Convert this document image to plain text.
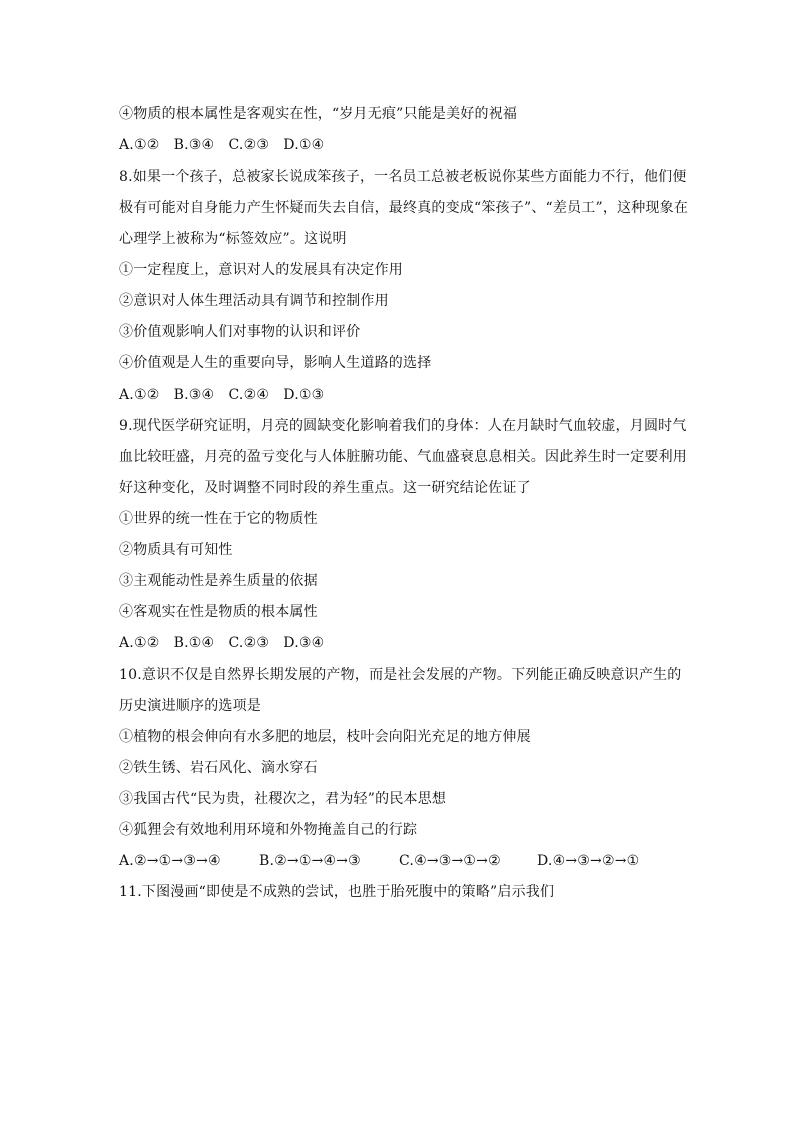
④物质的根本属性是客观实在性，“岁月无痕”只能是美好的祝福
A.①②　B.③④　C.②③　D.①④
8.如果一个孩子，总被家长说成笨孩子，一名员工总被老板说你某些方面能力不行，他们便
极有可能对自身能力产生怀疑而失去自信，最终真的变成“笨孩子”、“差员工”，这种现象在
心理学上被称为“标签效应”。这说明
①一定程度上，意识对人的发展具有决定作用
②意识对人体生理活动具有调节和控制作用
③价值观影响人们对事物的认识和评价
④价值观是人生的重要向导，影响人生道路的选择
A.①②　B.③④　C.②④　D.①③
9.现代医学研究证明，月亮的圆缺变化影响着我们的身体：人在月缺时气血较虚，月圆时气
血比较旺盛，月亮的盈亏变化与人体脏腑功能、气血盛衰息息相关。因此养生时一定要利用
好这种变化，及时调整不同时段的养生重点。这一研究结论佐证了
①世界的统一性在于它的物质性
②物质具有可知性
③主观能动性是养生质量的依据
④客观实在性是物质的根本属性
A.①②　B.①④　C.②③　D.③④
10.意识不仅是自然界长期发展的产物，而是社会发展的产物。下列能正确反映意识产生的
历史演进顺序的选项是
①植物的根会伸向有水多肥的地层，枝叶会向阳光充足的地方伸展
②铁生锈、岩石风化、滴水穿石
③我国古代“民为贵，社稷次之，君为轻”的民本思想
④狐狸会有效地利用环境和外物掩盖自己的行踪
A.②→①→③→④	B.②→①→④→③	C.④→③→①→②	D.④→③→②→①
11.下图漫画“即使是不成熟的尝试，也胜于胎死腹中的策略”启示我们
